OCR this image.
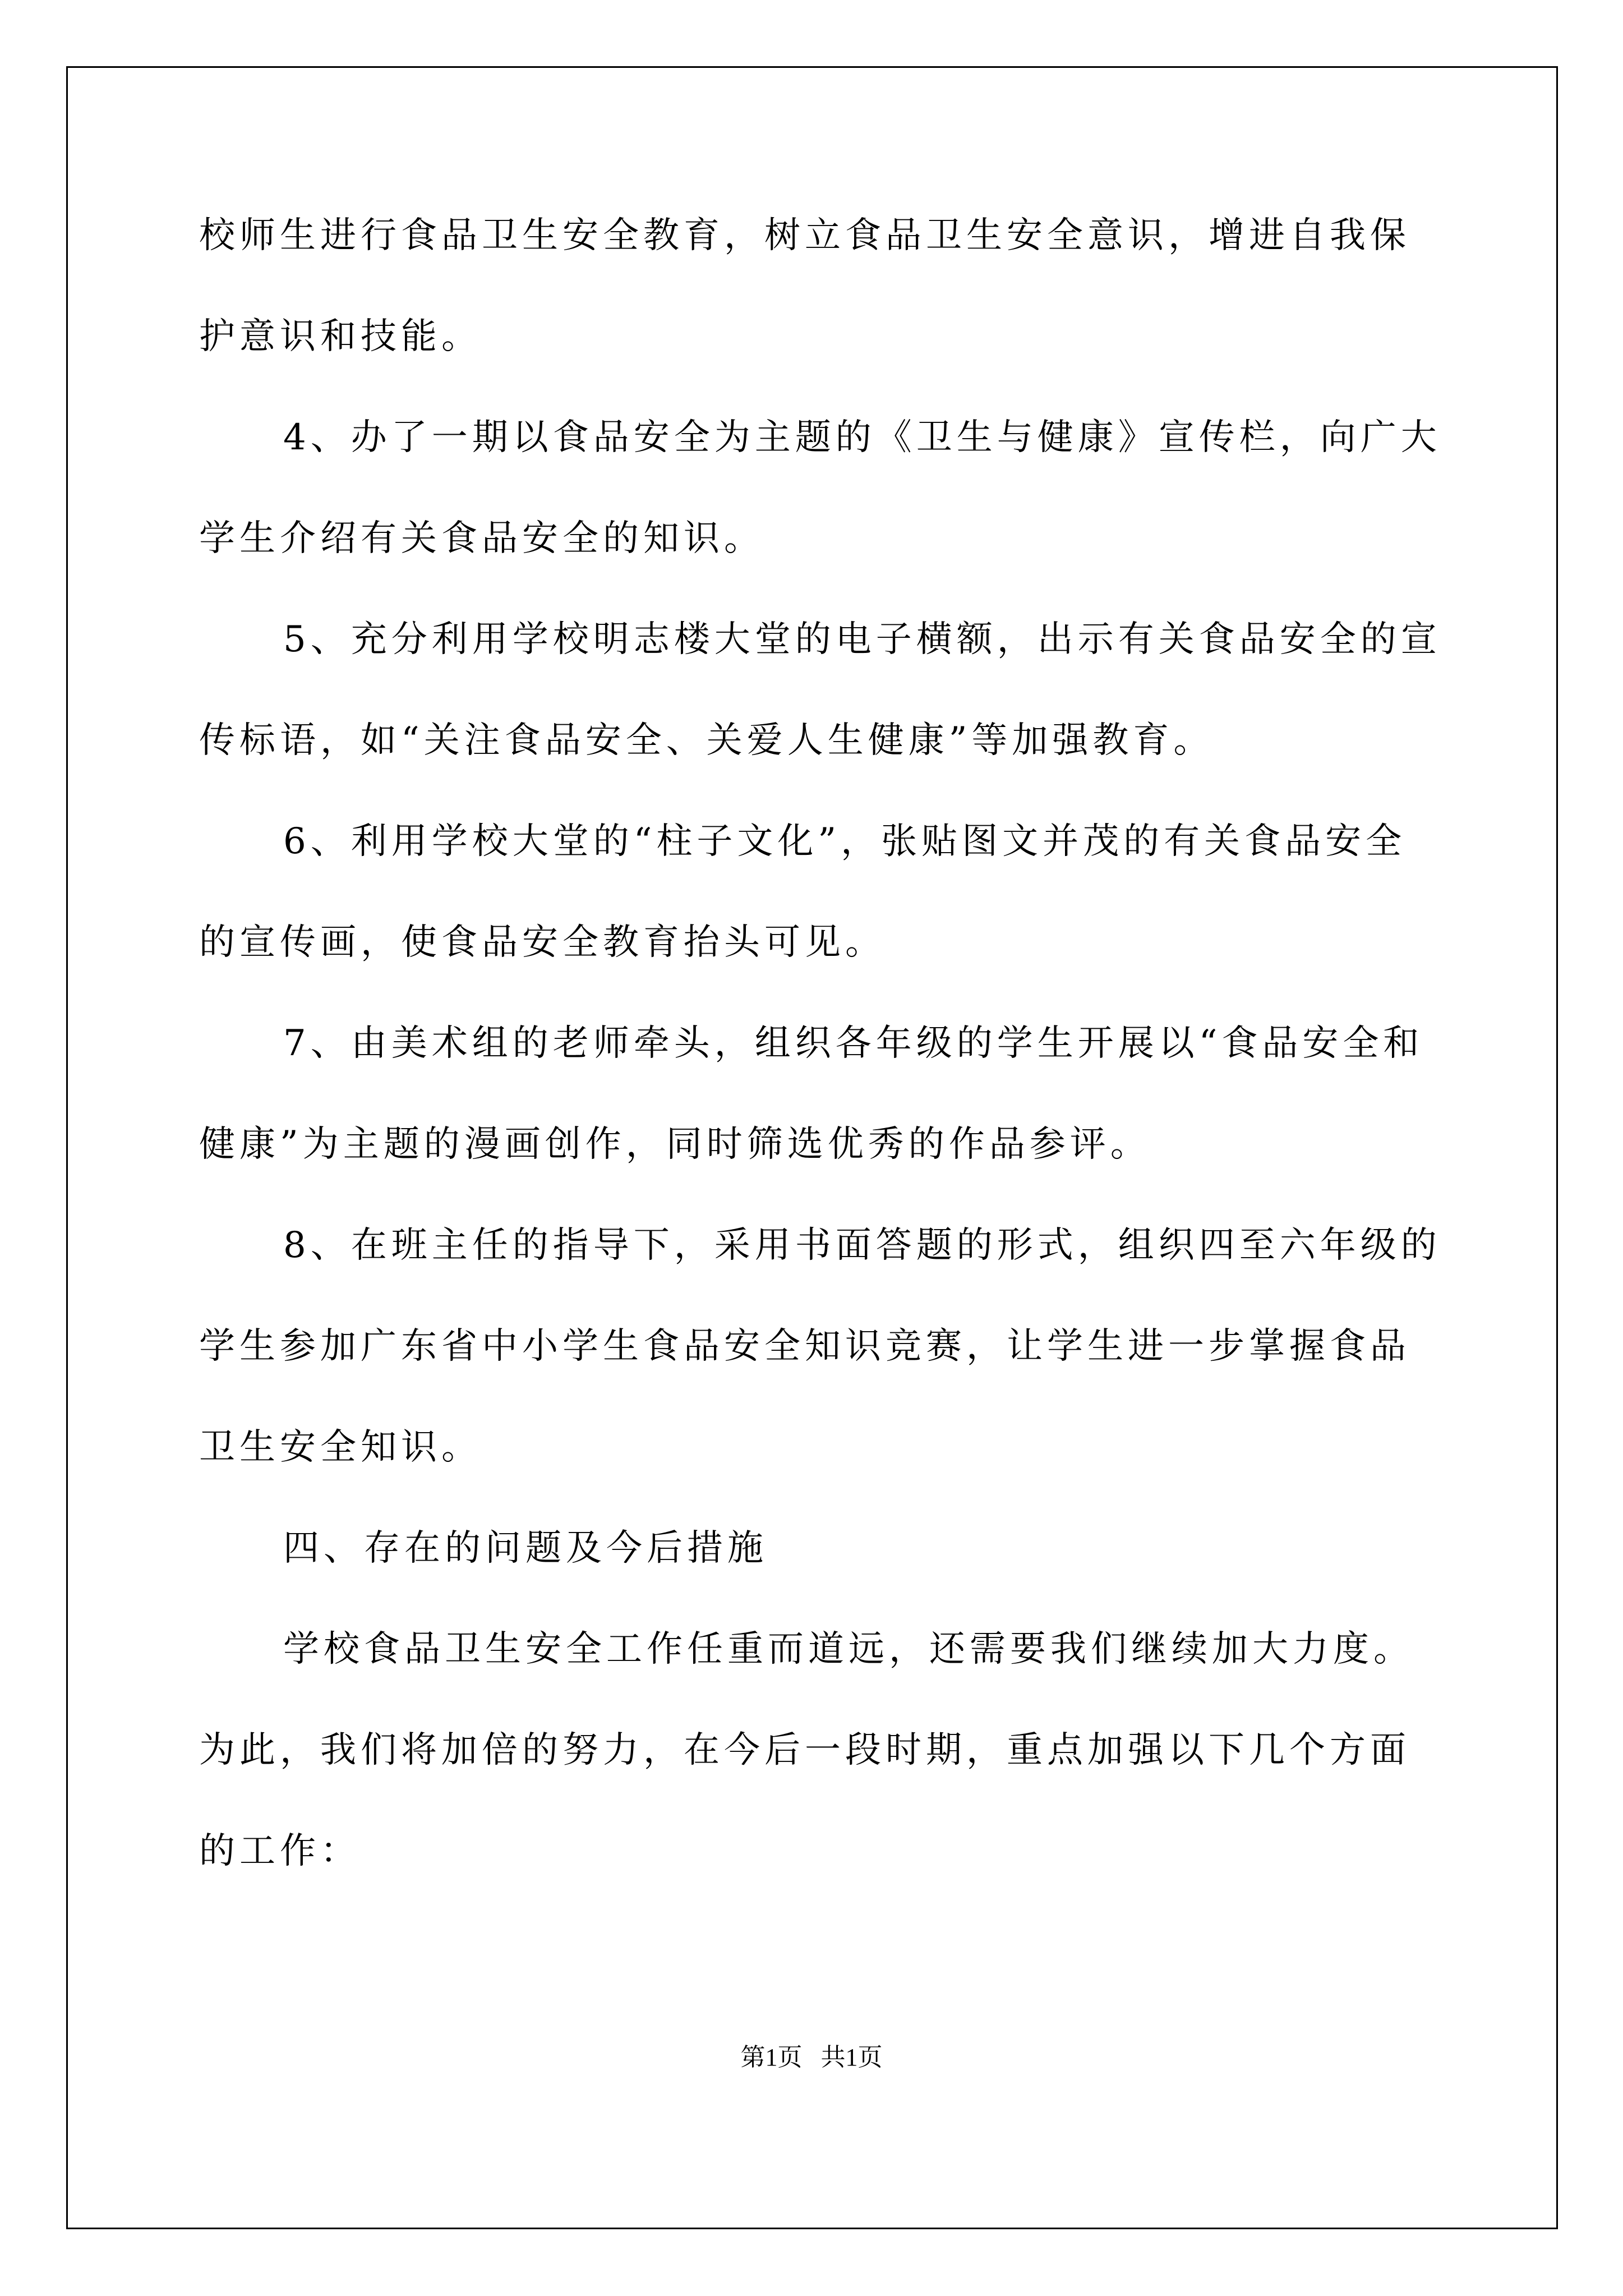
校师生进行食品卫生安全教育，树立食品卫生安全意识，增进自我保
护意识和技能。
4、办了一期以食品安全为主题的《卫生与健康》宣传栏，向广大
学生介绍有关食品安全的知识。
5、充分利用学校明志楼大堂的电子横额，出示有关食品安全的宣
传标语，如“关注食品安全、关爱人生健康”等加强教育。
6、利用学校大堂的“柱子文化”，张贴图文并茂的有关食品安全
的宣传画，使食品安全教育抬头可见。
7、由美术组的老师牵头，组织各年级的学生开展以“食品安全和
健康”为主题的漫画创作，同时筛选优秀的作品参评。
8、在班主任的指导下，采用书面答题的形式，组织四至六年级的
学生参加广东省中小学生食品安全知识竞赛，让学生进一步掌握食品
卫生安全知识。
四、存在的问题及今后措施
学校食品卫生安全工作任重而道远，还需要我们继续加大力度。
为此，我们将加倍的努力，在今后一段时期，重点加强以下几个方面
的工作：
第1页   共1页
